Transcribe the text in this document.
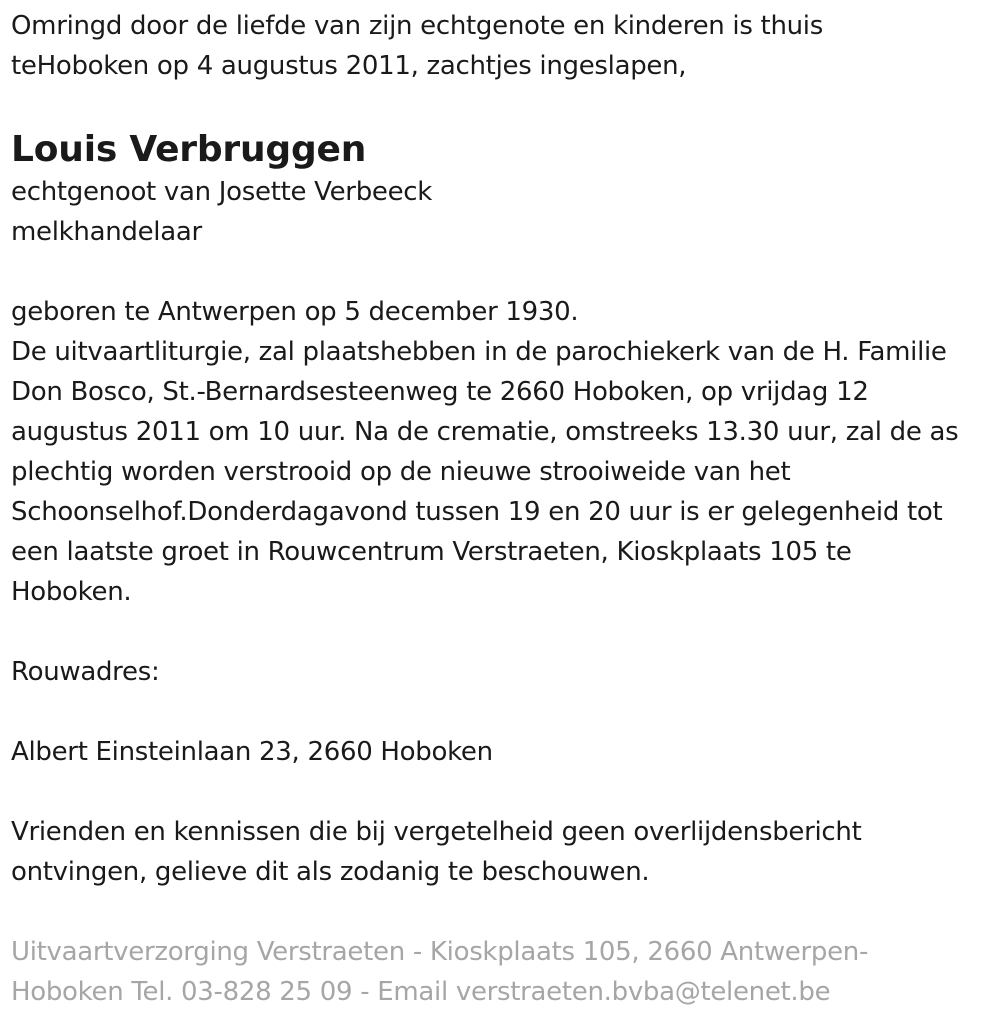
Omringd door de liefde van zijn echtgenote en kinderen is thuis

teHoboken op 4 augustus 2011, zachtjes ingeslapen,

Louis Verbruggen

echtgenoot van Josette Verbeeck

melkhandelaar

geboren te Antwerpen op 5 december 1930.

De uitvaartliturgie, zal plaatshebben in de parochiekerk van de H. Familie

Don Bosco, St.-Bernardsesteenweg te 2660 Hoboken, op vrijdag 12

augustus 2011 om 10 uur. Na de crematie, omstreeks 13.30 uur, zal de as

plechtig worden verstrooid op de nieuwe strooiweide van het

Schoonselhof.Donderdagavond tussen 19 en 20 uur is er gelegenheid tot

een laatste groet in Rouwcentrum Verstraeten, Kioskplaats 105 te

Hoboken.

Rouwadres:

Albert Einsteinlaan 23, 2660 Hoboken

Vrienden en kennissen die bij vergetelheid geen overlijdensbericht

ontvingen, gelieve dit als zodanig te beschouwen.

Uitvaartverzorging Verstraeten - Kioskplaats 105, 2660 Antwerpen-

Hoboken Tel. 03-828 25 09 - Email verstraeten.bvba@telenet.be
